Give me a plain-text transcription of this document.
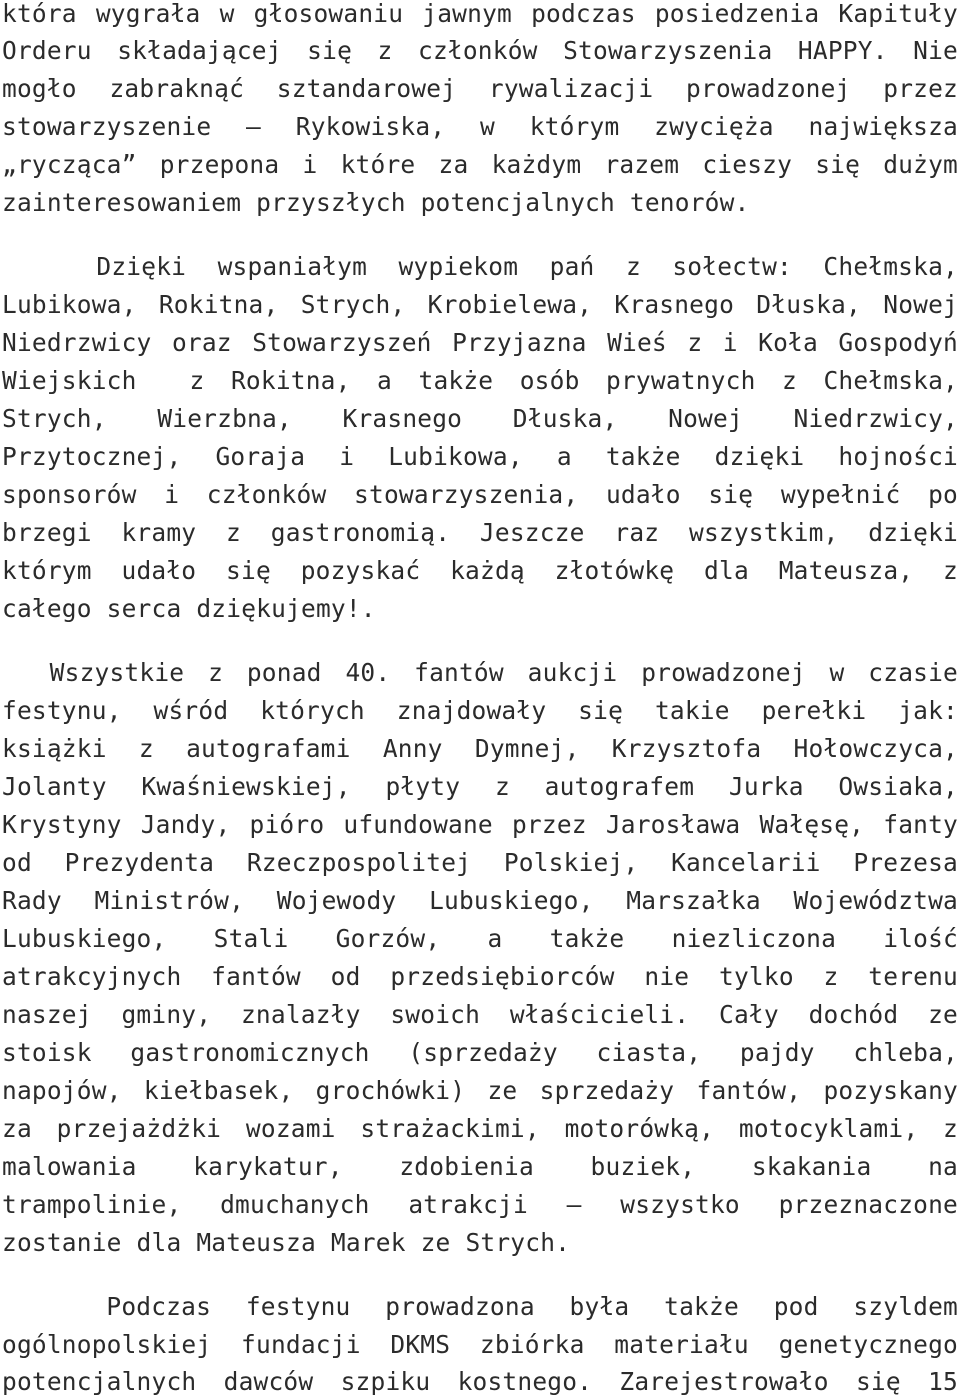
która wygrała w głosowaniu jawnym podczas posiedzenia Kapituły
Orderu składającej się z członków Stowarzyszenia HAPPY. Nie
mogło zabraknąć sztandarowej rywalizacji prowadzonej przez
stowarzyszenie – Rykowiska, w którym zwycięża największa
„rycząca” przepona i które za każdym razem cieszy się dużym
zainteresowaniem przyszłych potencjalnych tenorów.
Dzięki wspaniałym wypiekom pań z sołectw: Chełmska,
Lubikowa, Rokitna, Strych, Krobielewa, Krasnego Dłuska, Nowej
Niedrzwicy oraz Stowarzyszeń Przyjazna Wieś z i Koła Gospodyń
Wiejskich  z Rokitna, a także osób prywatnych z Chełmska,
Strych, Wierzbna, Krasnego Dłuska, Nowej Niedrzwicy,
Przytocznej, Goraja i Lubikowa, a także dzięki hojności
sponsorów i członków stowarzyszenia, udało się wypełnić po
brzegi kramy z gastronomią. Jeszcze raz wszystkim, dzięki
którym udało się pozyskać każdą złotówkę dla Mateusza, z
całego serca dziękujemy!.
Wszystkie z ponad 40. fantów aukcji prowadzonej w czasie
festynu, wśród których znajdowały się takie perełki jak:
książki z autografami Anny Dymnej, Krzysztofa Hołowczyca,
Jolanty Kwaśniewskiej, płyty z autografem Jurka Owsiaka,
Krystyny Jandy, pióro ufundowane przez Jarosława Wałęsę, fanty
od Prezydenta Rzeczpospolitej Polskiej, Kancelarii Prezesa
Rady Ministrów, Wojewody Lubuskiego, Marszałka Województwa
Lubuskiego, Stali Gorzów, a także niezliczona ilość
atrakcyjnych fantów od przedsiębiorców nie tylko z terenu
naszej gminy, znalazły swoich właścicieli. Cały dochód ze
stoisk gastronomicznych (sprzedaży ciasta, pajdy chleba,
napojów, kiełbasek, grochówki) ze sprzedaży fantów, pozyskany
za przejażdżki wozami strażackimi, motorówką, motocyklami, z
malowania karykatur, zdobienia buziek, skakania na
trampolinie, dmuchanych atrakcji – wszystko przeznaczone
zostanie dla Mateusza Marek ze Strych.
Podczas festynu prowadzona była także pod szyldem
ogólnopolskiej fundacji DKMS zbiórka materiału genetycznego
potencjalnych dawców szpiku kostnego. Zarejestrowało się 15
